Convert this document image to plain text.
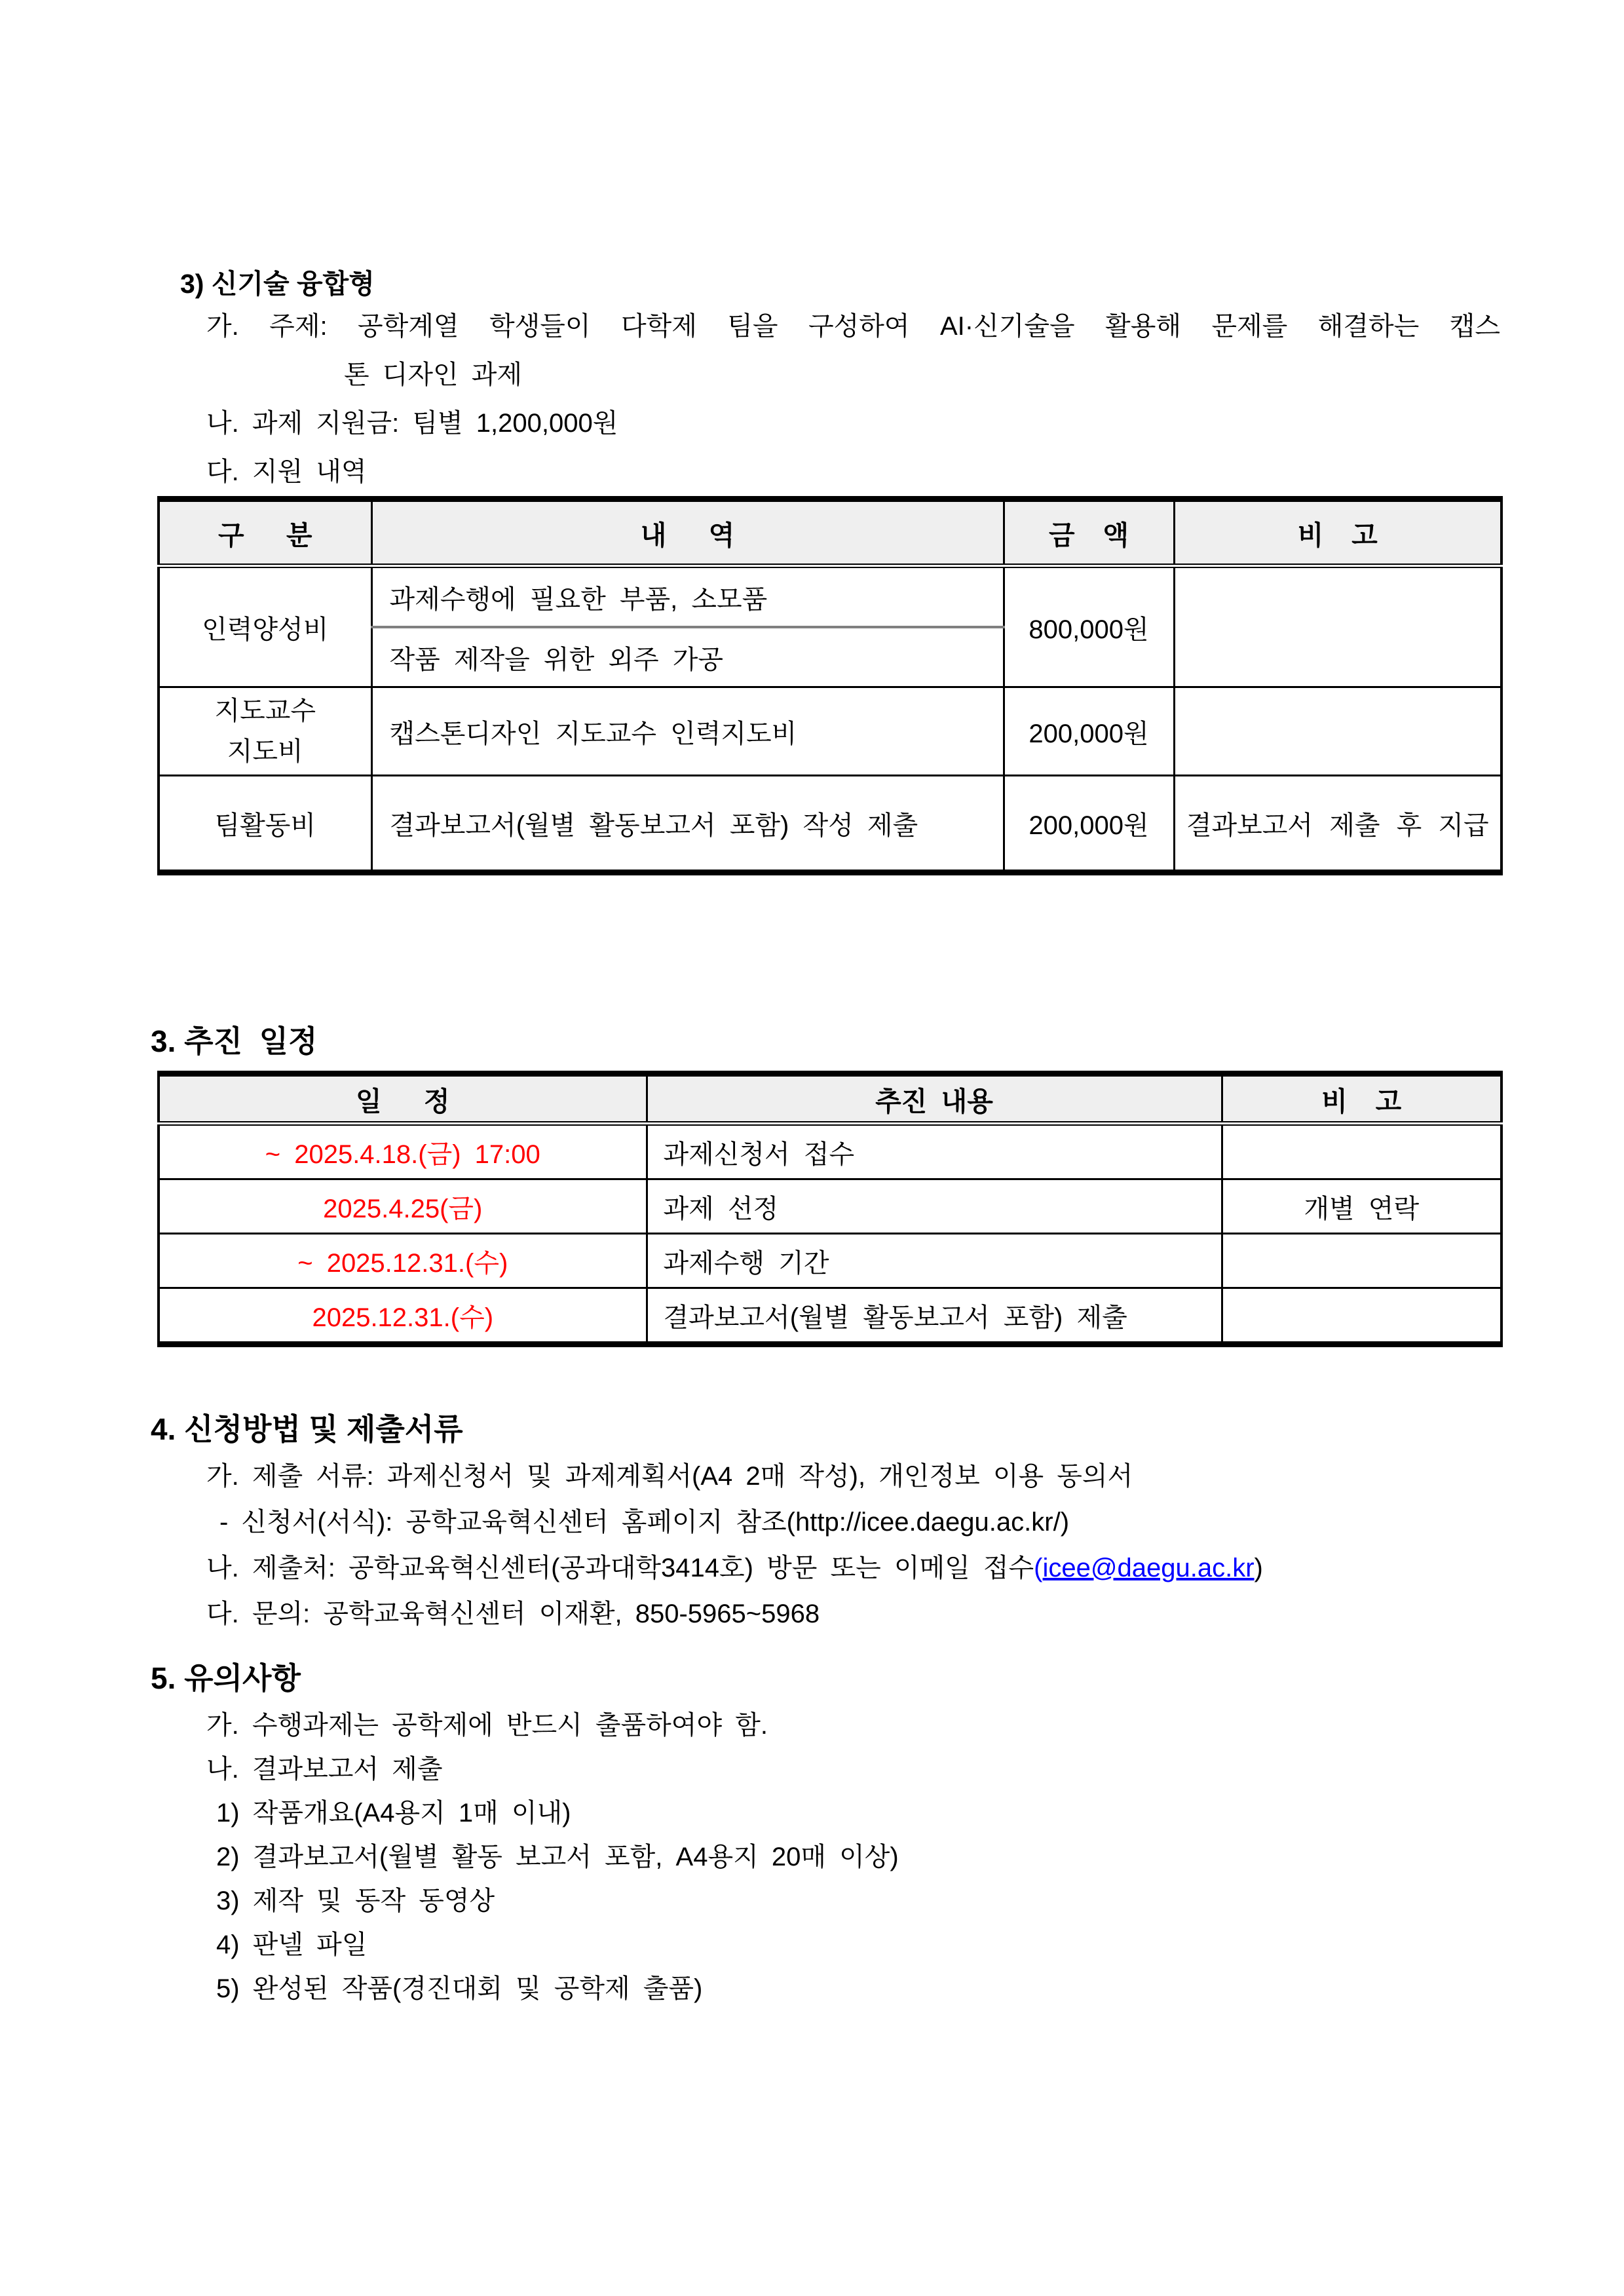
3) 신기술 융합형
가. 주제: 공학계열 학생들이 다학제 팀을 구성하여 AI·신기술을 활용해 문제를 해결하는 캡스
톤 디자인 과제
나. 과제 지원금: 팀별 1,200,000원
다. 지원 내역
구   분	내   역	금  액	비  고
인력양성비	과제수행에 필요한 부품, 소모품	800,000원	
	작품 제작을 위한 외주 가공		
지도교수
지도비	캡스톤디자인 지도교수 인력지도비	200,000원	
팀활동비	결과보고서(월별 활동보고서 포함) 작성 제출	200,000원	결과보고서 제출 후 지급
3. 추진  일정
일   정	추진 내용	비  고
~ 2025.4.18.(금) 17:00	과제신청서 접수	
2025.4.25(금)	과제 선정	개별 연락
~ 2025.12.31.(수)	과제수행 기간	
2025.12.31.(수)	결과보고서(월별 활동보고서 포함) 제출	
4. 신청방법 및 제출서류
가. 제출 서류: 과제신청서 및 과제계획서(A4 2매 작성), 개인정보 이용 동의서
- 신청서(서식): 공학교육혁신센터 홈페이지 참조(http://icee.daegu.ac.kr/)
나. 제출처: 공학교육혁신센터(공과대학3414호) 방문 또는 이메일 접수(icee@daegu.ac.kr)
다. 문의: 공학교육혁신센터 이재환, 850-5965~5968
5. 유의사항
가. 수행과제는 공학제에 반드시 출품하여야 함.
나. 결과보고서 제출
1) 작품개요(A4용지 1매 이내)
2) 결과보고서(월별 활동 보고서 포함, A4용지 20매 이상)
3) 제작 및 동작 동영상
4) 판넬 파일
5) 완성된 작품(경진대회 및 공학제 출품)
